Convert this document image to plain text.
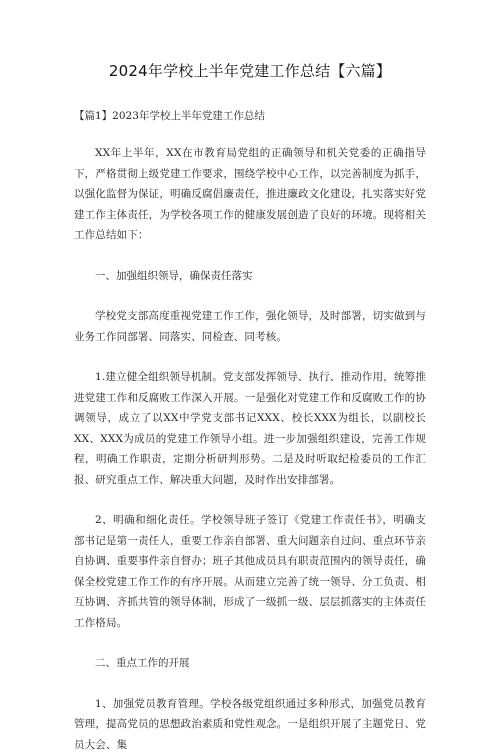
2024年学校上半年党建工作总结【六篇】
【篇1】2023年学校上半年党建工作总结

XX年上半年，XX在市教育局党组的正确领导和机关党委的正确指导下，严格贯彻上级党建工作要求，围绕学校中心工作，以完善制度为抓手，以强化监督为保证，明确反腐倡廉责任，推进廉政文化建设，扎实落实好党建工作主体责任，为学校各项工作的健康发展创造了良好的环境。现将相关工作总结如下：

一、加强组织领导，确保责任落实

学校党支部高度重视党建工作工作，强化领导，及时部署，切实做到与业务工作同部署、同落实、同检查、同考核。

1.建立健全组织领导机制。党支部发挥领导、执行、推动作用，统筹推进党建工作和反腐败工作深入开展。一是强化对党建工作和反腐败工作的协调领导，成立了以XX中学党支部书记XXX、校长XXX为组长，以副校长XX、XXX为成员的党建工作领导小组。进一步加强组织建设，完善工作规程，明确工作职责，定期分析研判形势。二是及时听取纪检委员的工作汇报、研究重点工作、解决重大问题，及时作出安排部署。

2、明确和细化责任。学校领导班子签订《党建工作责任书》，明确支部书记是第一责任人，重要工作亲自部署、重大问题亲自过问、重点环节亲自协调、重要事件亲自督办；班子其他成员具有职责范围内的领导责任，确保全校党建工作工作的有序开展。从而建立完善了统一领导、分工负责、相互协调、齐抓共管的领导体制，形成了一级抓一级、层层抓落实的主体责任工作格局。

二、重点工作的开展

1、加强党员教育管理。学校各级党组织通过多种形式，加强党员教育管理，提高党员的思想政治素质和党性观念。一是组织开展了主题党日、党员大会、集
